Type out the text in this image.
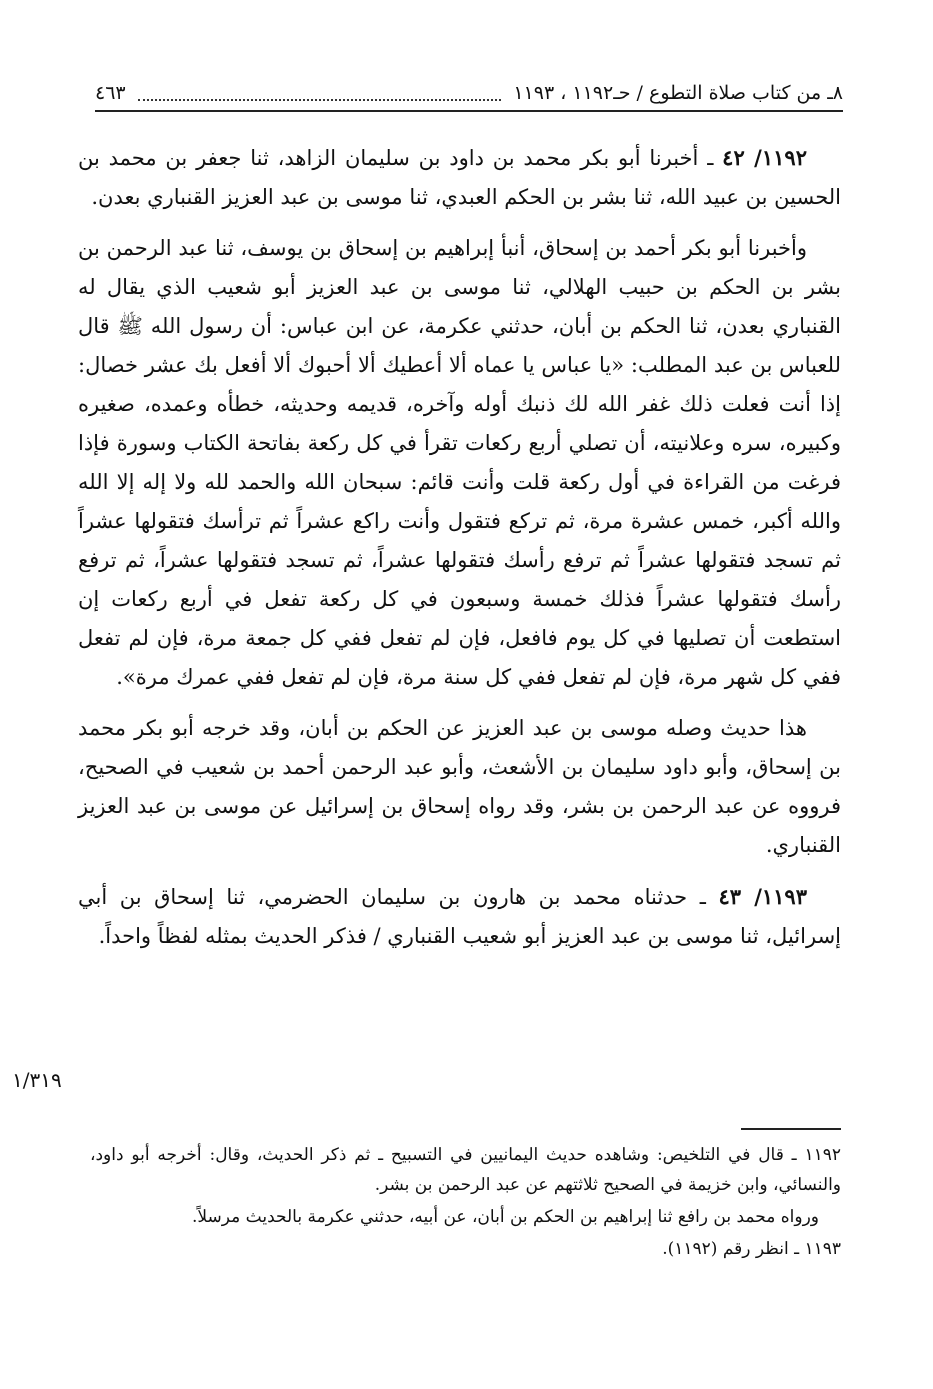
٨ـ من كتاب صلاة التطوع / حـ١١٩٢ ، ١١٩٣
٤٦٣

١١٩٢/ ٤٢ ـ أخبرنا أبو بكر محمد بن داود بن سليمان الزاهد، ثنا جعفر بن محمد بن الحسين بن عبيد الله، ثنا بشر بن الحكم العبدي، ثنا موسى بن عبد العزيز القنباري بعدن.

وأخبرنا أبو بكر أحمد بن إسحاق، أنبأ إبراهيم بن إسحاق بن يوسف، ثنا عبد الرحمن بن بشر بن الحكم بن حبيب الهلالي، ثنا موسى بن عبد العزيز أبو شعيب الذي يقال له القنباري بعدن، ثنا الحكم بن أبان، حدثني عكرمة، عن ابن عباس: أن رسول الله ﷺ قال للعباس بن عبد المطلب: «يا عباس يا عماه ألا أعطيك ألا أحبوك ألا أفعل بك عشر خصال: إذا أنت فعلت ذلك غفر الله لك ذنبك أوله وآخره، قديمه وحديثه، خطأه وعمده، صغيره وكبيره، سره وعلانيته، أن تصلي أربع ركعات تقرأ في كل ركعة بفاتحة الكتاب وسورة فإذا فرغت من القراءة في أول ركعة قلت وأنت قائم: سبحان الله والحمد لله ولا إله إلا الله والله أكبر، خمس عشرة مرة، ثم تركع فتقول وأنت راكع عشراً ثم ترأسك فتقولها عشراً ثم تسجد فتقولها عشراً ثم ترفع رأسك فتقولها عشراً، ثم تسجد فتقولها عشراً، ثم ترفع رأسك فتقولها عشراً فذلك خمسة وسبعون في كل ركعة تفعل في أربع ركعات إن استطعت أن تصليها في كل يوم فافعل، فإن لم تفعل ففي كل جمعة مرة، فإن لم تفعل ففي كل شهر مرة، فإن لم تفعل ففي كل سنة مرة، فإن لم تفعل ففي عمرك مرة».

هذا حديث وصله موسى بن عبد العزيز عن الحكم بن أبان، وقد خرجه أبو بكر محمد بن إسحاق، وأبو داود سليمان بن الأشعث، وأبو عبد الرحمن أحمد بن شعيب في الصحيح، فرووه عن عبد الرحمن بن بشر، وقد رواه إسحاق بن إسرائيل عن موسى بن عبد العزيز القنباري.

١١٩٣/ ٤٣ ـ حدثناه محمد بن هارون بن سليمان الحضرمي، ثنا إسحاق بن أبي إسرائيل، ثنا موسى بن عبد العزيز أبو شعيب القنباري / فذكر الحديث بمثله لفظاً واحداً.

١/٣١٩

١١٩٢ ـ قال في التلخيص: وشاهده حديث اليمانيين في التسبيح ـ ثم ذكر الحديث، وقال: أخرجه أبو داود، والنسائي، وابن خزيمة في الصحيح ثلاثتهم عن عبد الرحمن بن بشر.

ورواه محمد بن رافع ثنا إبراهيم بن الحكم بن أبان، عن أبيه، حدثني عكرمة بالحديث مرسلاً.

١١٩٣ ـ انظر رقم (١١٩٢).
